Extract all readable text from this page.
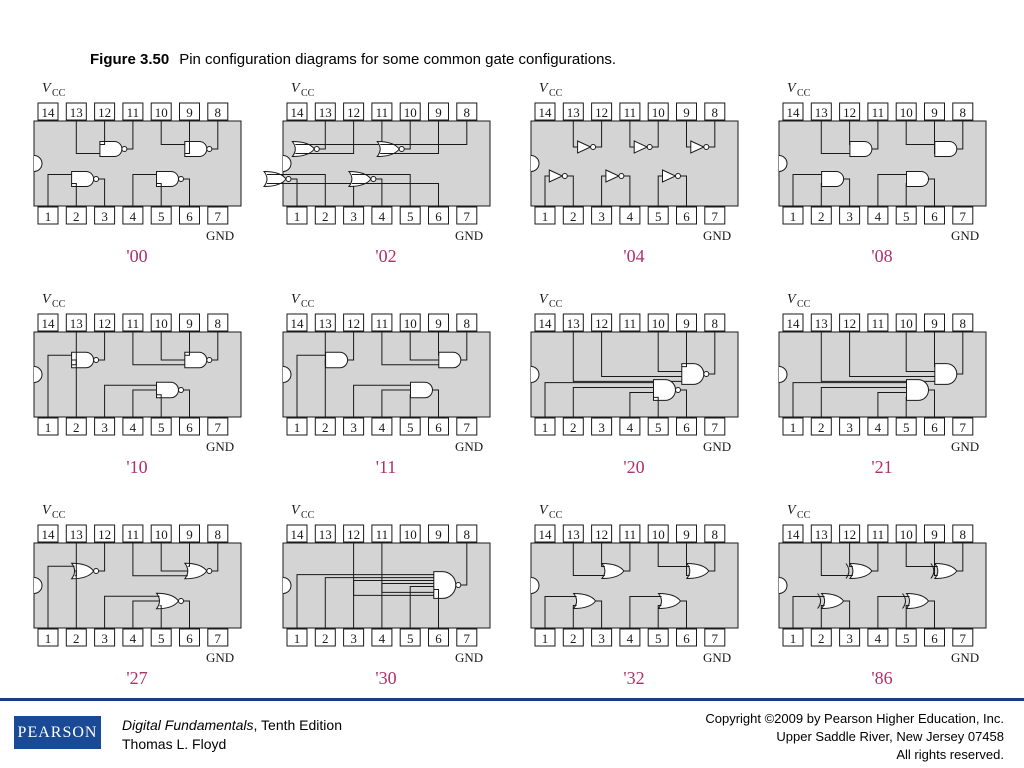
Figure 3.50 Pin configuration diagrams for some common gate configurations.
V CC
14
1
13
2
12
3
11
4
10
5
9
6
8
7
GND
'00
V CC
14
1
13
2
12
3
11
4
10
5
9
6
8
7
GND
'02
V CC
14
1
13
2
12
3
11
4
10
5
9
6
8
7
GND
'04
V CC
14
1
13
2
12
3
11
4
10
5
9
6
8
7
GND
'08
V CC
14
1
13
2
12
3
11
4
10
5
9
6
8
7
GND
'10
V CC
14
1
13
2
12
3
11
4
10
5
9
6
8
7
GND
'11
V CC
14
1
13
2
12
3
11
4
10
5
9
6
8
7
GND
'20
V CC
14
1
13
2
12
3
11
4
10
5
9
6
8
7
GND
'21
V CC
14
1
13
2
12
3
11
4
10
5
9
6
8
7
GND
'27
V CC
14
1
13
2
12
3
11
4
10
5
9
6
8
7
GND
'30
V CC
14
1
13
2
12
3
11
4
10
5
9
6
8
7
GND
'32
V CC
14
1
13
2
12
3
11
4
10
5
9
6
8
7
GND
'86
PEARSON Digital Fundamentals, Tenth Edition
Thomas L. Floyd
Copyright ©2009 by Pearson Higher Education, Inc.
Upper Saddle River, New Jersey 07458
All rights reserved.
